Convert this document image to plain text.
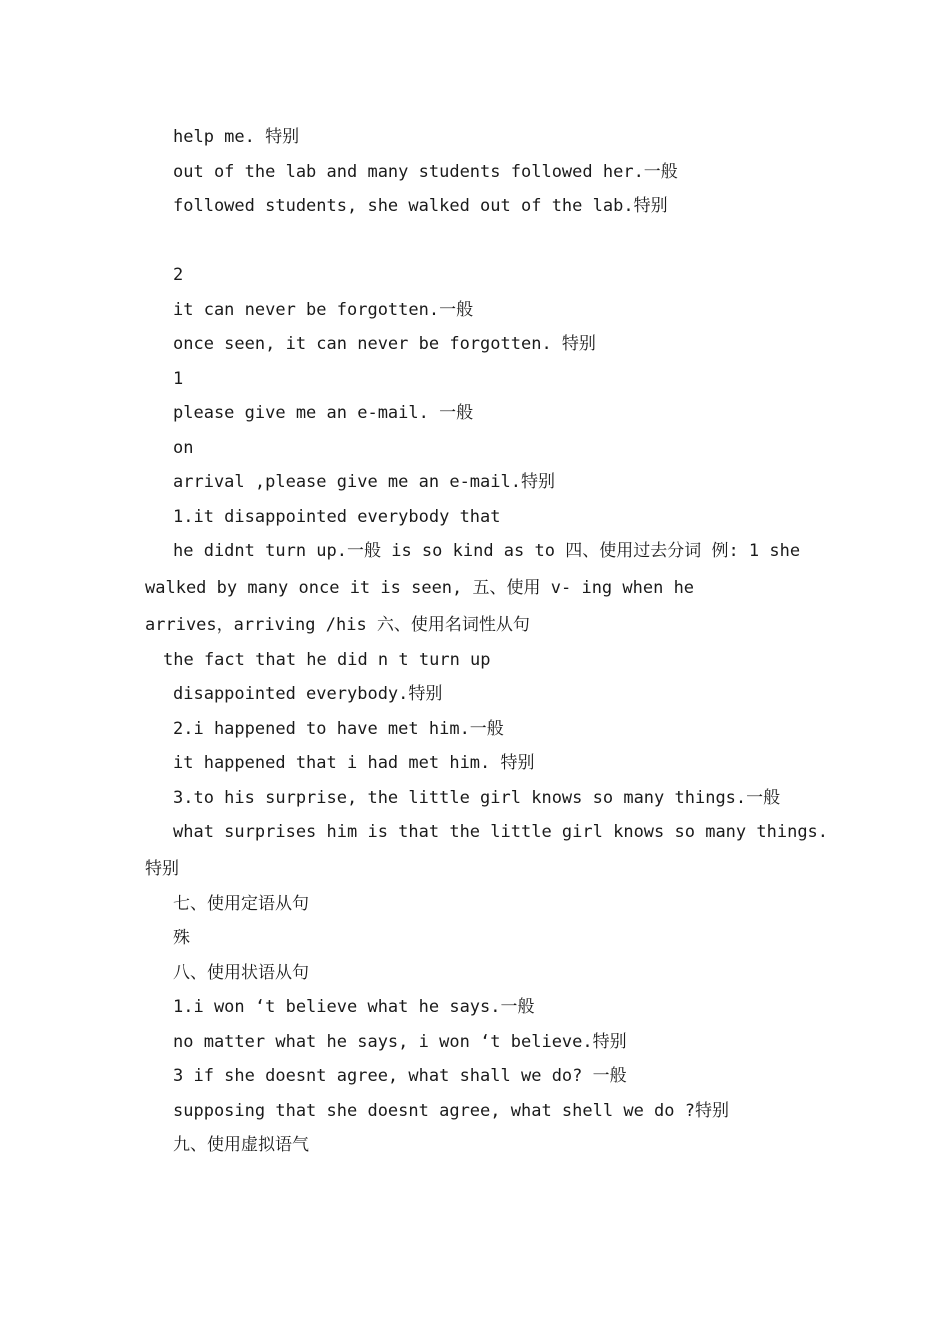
help me. 特别
out of the lab and many students followed her.一般
followed students, she walked out of the lab.特别
2
it can never be forgotten.一般
once seen, it can never be forgotten. 特别
1
please give me an e-mail. 一般
on
arrival ,please give me an e-mail.特别
1.it disappointed everybody that
he didnt turn up.一般 is so kind as to 四、使用过去分词 例: 1 she
walked by many once it is seen, 五、使用 v- ing when he
arrives，arriving /his 六、使用名词性从句
the fact that he did n t turn up
disappointed everybody.特别
2.i happened to have met him.一般
it happened that i had met him. 特别
3.to his surprise, the little girl knows so many things.一般
what surprises him is that the little girl knows so many things.
特别
七、使用定语从句
殊
八、使用状语从句
1.i won ‘t believe what he says.一般
no matter what he says, i won ‘t believe.特别
3 if she doesnt agree, what shall we do? 一般
supposing that she doesnt agree, what shell we do ?特别
九、使用虚拟语气
